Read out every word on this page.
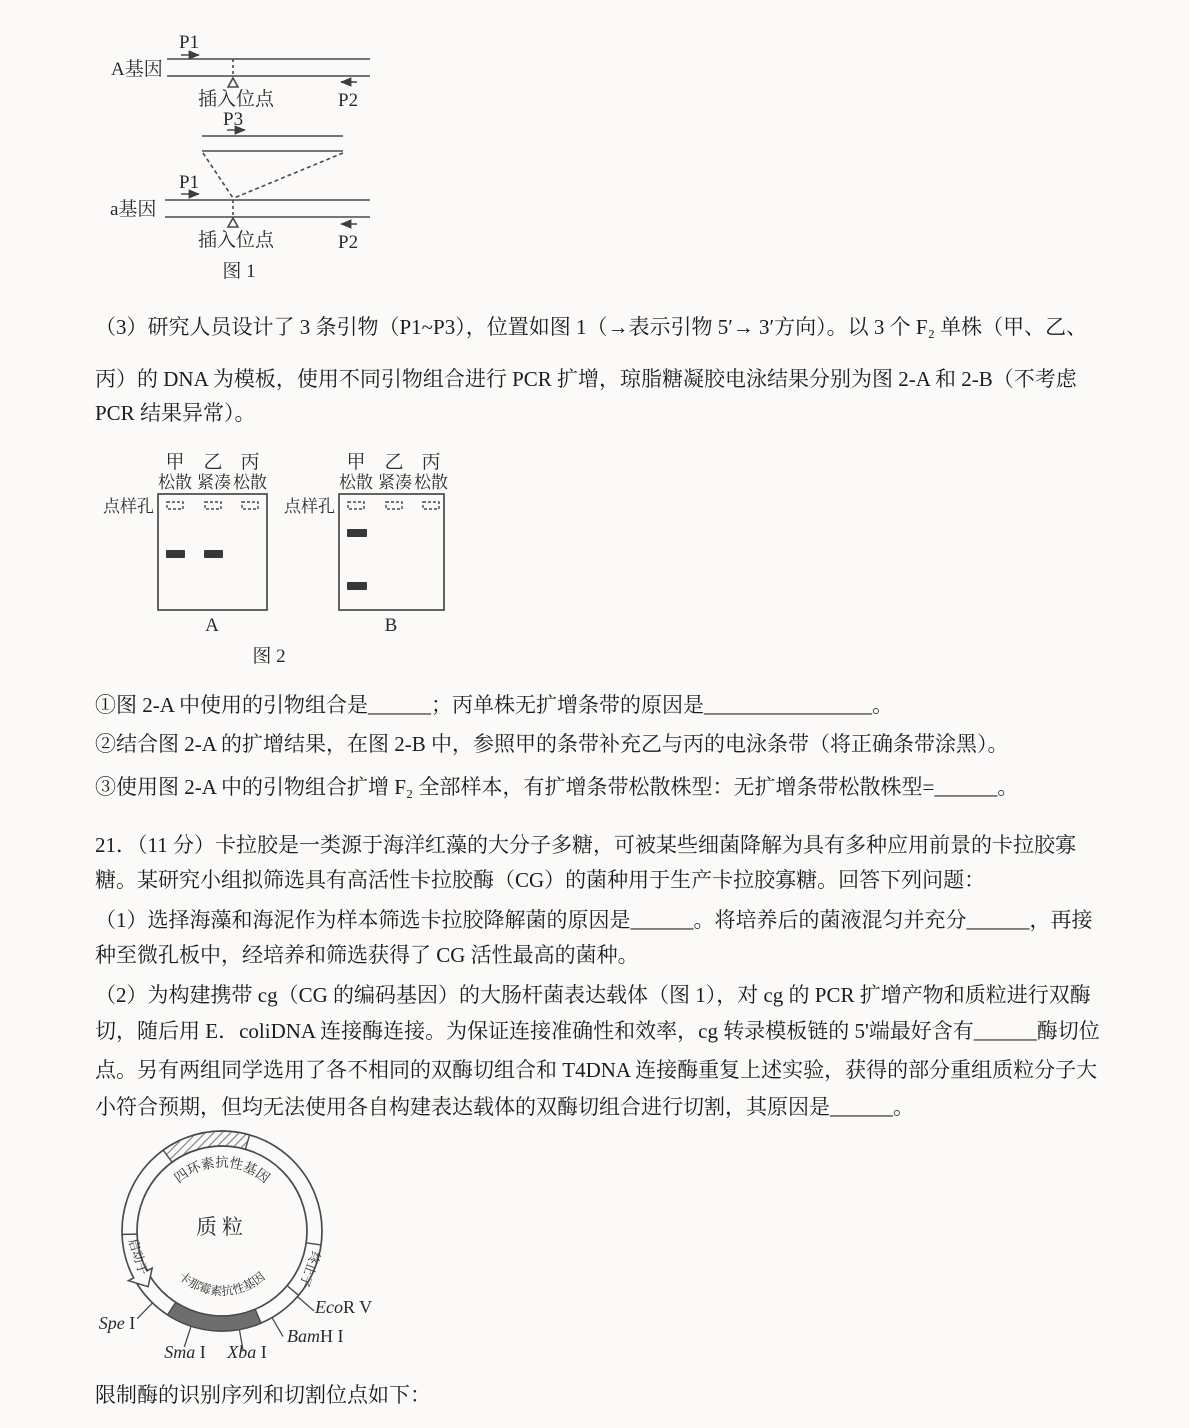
P1
A基因
插入位点	P2
P3
P1
a基因
插入位点	P2
图 1
（3）研究人员设计了 3 条引物（P1~P3），位置如图 1（→表示引物 5′→ 3′方向）。以 3 个 F₂ 单株（甲、乙、
丙）的 DNA 为模板，使用不同引物组合进行 PCR 扩增，琼脂糖凝胶电泳结果分别为图 2-A 和 2-B（不考虑
PCR 结果异常）。
甲 乙 丙
松散 紧凑 松散
点样孔
A
甲 乙 丙
松散 紧凑 松散
点样孔
B
图 2
①图 2-A 中使用的引物组合是______；丙单株无扩增条带的原因是________________。
②结合图 2-A 的扩增结果，在图 2-B 中，参照甲的条带补充乙与丙的电泳条带（将正确条带涂黑）。
③使用图 2-A 中的引物组合扩增 F₂ 全部样本，有扩增条带松散株型：无扩增条带松散株型=______。
21．（11 分）卡拉胶是一类源于海洋红藻的大分子多糖，可被某些细菌降解为具有多种应用前景的卡拉胶寡
糖。某研究小组拟筛选具有高活性卡拉胶酶（CG）的菌种用于生产卡拉胶寡糖。回答下列问题：
（1）选择海藻和海泥作为样本筛选卡拉胶降解菌的原因是______。将培养后的菌液混匀并充分______，再接
种至微孔板中，经培养和筛选获得了 CG 活性最高的菌种。
（2）为构建携带 cg（CG 的编码基因）的大肠杆菌表达载体（图 1），对 cg 的 PCR 扩增产物和质粒进行双酶
切，随后用 E．coliDNA 连接酶连接。为保证连接准确性和效率，cg 转录模板链的 5'端最好含有______酶切位
点。另有两组同学选用了各不相同的双酶切组合和 T4DNA 连接酶重复上述实验，获得的部分重组质粒分子大
小符合预期，但均无法使用各自构建表达载体的双酶切组合进行切割，其原因是______。
质粒
四环素抗性基因
卡那霉素抗性基因
启动子	终止子
Spe I
Sma I Xba I
BamH I
EcoR V
限制酶的识别序列和切割位点如下：
